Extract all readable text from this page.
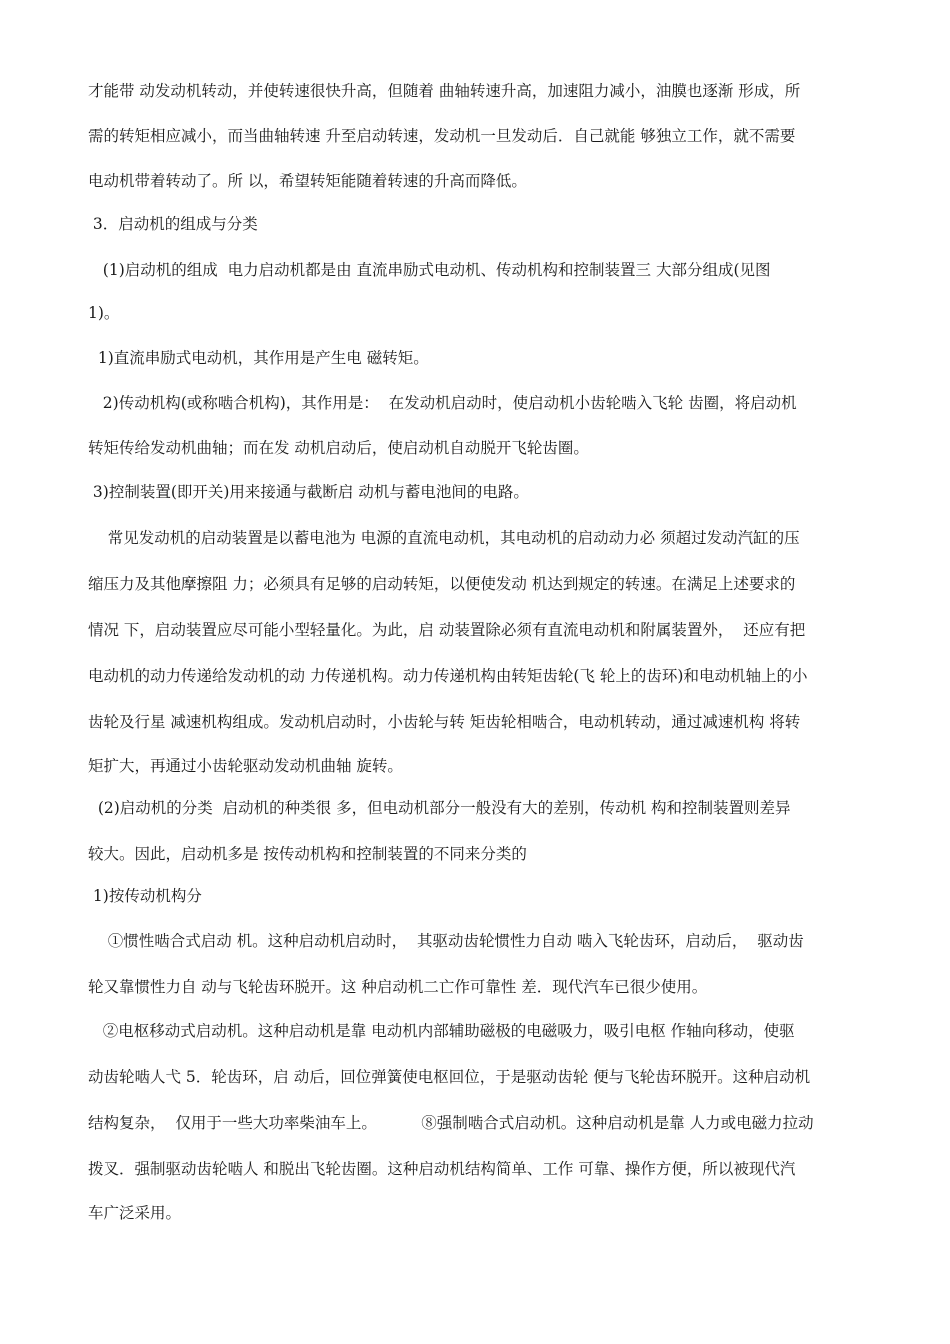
才能带 动发动机转动，并使转速很快升高，但随着 曲轴转速升高，加速阻力减小，油膜也逐渐 形成，所
需的转矩相应减小，而当曲轴转速 升至启动转速，发动机一旦发动后．自己就能 够独立工作，就不需要
电动机带着转动了。所 以，希望转矩能随着转速的升高而降低。
3．启动机的组成与分类
(1)启动机的组成  电力启动机都是由 直流串励式电动机、传动机构和控制装置三 大部分组成(见图
1)。
1)直流串励式电动机，其作用是产生电 磁转矩。
2)传动机构(或称啮合机构)，其作用是：  在发动机启动时，使启动机小齿轮啮入飞轮 齿圈，将启动机
转矩传给发动机曲轴；而在发 动机启动后，使启动机自动脱开飞轮齿圈。
3)控制装置(即开关)用来接通与截断启 动机与蓄电池间的电路。
常见发动机的启动装置是以蓄电池为 电源的直流电动机，其电动机的启动动力必 须超过发动汽缸的压
缩压力及其他摩擦阻 力；必须具有足够的启动转矩，以便使发动 机达到规定的转速。在满足上述要求的
情况 下，启动装置应尽可能小型轻量化。为此，启 动装置除必须有直流电动机和附属装置外，  还应有把
电动机的动力传递给发动机的动 力传递机构。动力传递机构由转矩齿轮(飞 轮上的齿环)和电动机轴上的小
齿轮及行星 减速机构组成。发动机启动时，小齿轮与转 矩齿轮相啮合，电动机转动，通过减速机构 将转
矩扩大，再通过小齿轮驱动发动机曲轴 旋转。
(2)启动机的分类  启动机的种类很 多，但电动机部分一般没有大的差别，传动机 构和控制装置则差异
较大。因此，启动机多是 按传动机构和控制装置的不同来分类的
1)按传动机构分
①惯性啮合式启动 机。这种启动机启动时，  其驱动齿轮惯性力自动 啮入飞轮齿环，启动后，  驱动齿
轮又靠惯性力自 动与飞轮齿环脱开。这 种启动机二亡作可靠性 差．现代汽车已很少使用。
②电枢移动式启动机。这种启动机是靠 电动机内部辅助磁极的电磁吸力，吸引电枢 作轴向移动，使驱
动齿轮啮人弋 5．轮齿环，启 动后，回位弹簧使电枢回位，于是驱动齿轮 便与飞轮齿环脱开。这种启动机
结构复杂，  仅用于一些大功率柴油车上。         ⑧强制啮合式启动机。这种启动机是靠 人力或电磁力拉动
拨叉．强制驱动齿轮啮人 和脱出飞轮齿圈。这种启动机结构简单、工作 可靠、操作方便，所以被现代汽
车广泛采用。
